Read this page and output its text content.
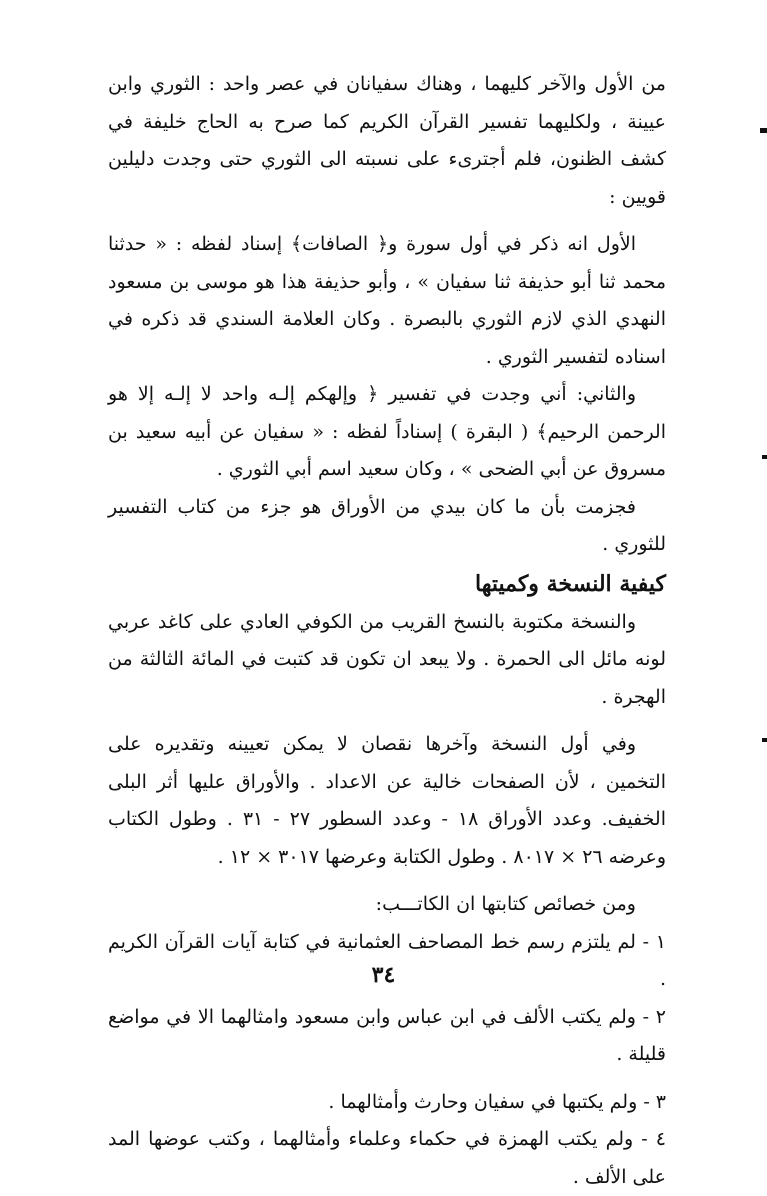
من الأول والآخر كليهما ، وهناك سفيانان في عصر واحد : الثوري وابن عيينة ، ولكليهما تفسير القرآن الكريم كما صرح به الحاج خليفة في كشف الظنون، فلم أجترىء على نسبته الى الثوري حتى وجدت دليلين قويين :

الأول انه ذكر في أول سورة و﴿ الصافات﴾ إسناد لفظه : « حدثنا محمد ثنا أبو حذيفة ثنا سفيان » ، وأبو حذيفة هذا هو موسى بن مسعود النهدي الذي لازم الثوري بالبصرة . وكان العلامة السندي قد ذكره في اسناده لتفسير الثوري .

والثاني: أني وجدت في تفسير ﴿ وإلهكم إلـه واحد لا إلـه إلا هو الرحمن الرحيم﴾ ( البقرة ) إسناداً لفظه : « سفيان عن أبيه سعيد بن مسروق عن أبي الضحى » ، وكان سعيد اسم أبي الثوري .

فجزمت بأن ما كان بيدي من الأوراق هو جزء من كتاب التفسير للثوري .

كيفية النسخة وكميتها

والنسخة مكتوبة بالنسخ القريب من الكوفي العادي على كاغد عربي لونه مائل الى الحمرة . ولا يبعد ان تكون قد كتبت في المائة الثالثة من الهجرة .

وفي أول النسخة وآخرها نقصان لا يمكن تعيينه وتقديره على التخمين ، لأن الصفحات خالية عن الاعداد . والأوراق عليها أثر البلى الخفيف. وعدد الأوراق ١٨ - وعدد السطور ٢٧ - ٣١ . وطول الكتاب وعرضه ٢٦ × ٨٠١٧ . وطول الكتابة وعرضها ٣٠١٧ × ١٢ .

ومن خصائص كتابتها ان الكاتـــب:

١ - لم يلتزم رسم خط المصاحف العثمانية في كتابة آيات القرآن الكريم .

٢ - ولم يكتب الألف في ابن عباس وابن مسعود وامثالهما الا في مواضع قليلة .

٣ - ولم يكتبها في سفيان وحارث وأمثالهما .

٤ - ولم يكتب الهمزة في حكماء وعلماء وأمثالهما ، وكتب عوضها المد على الألف .

٣٤
